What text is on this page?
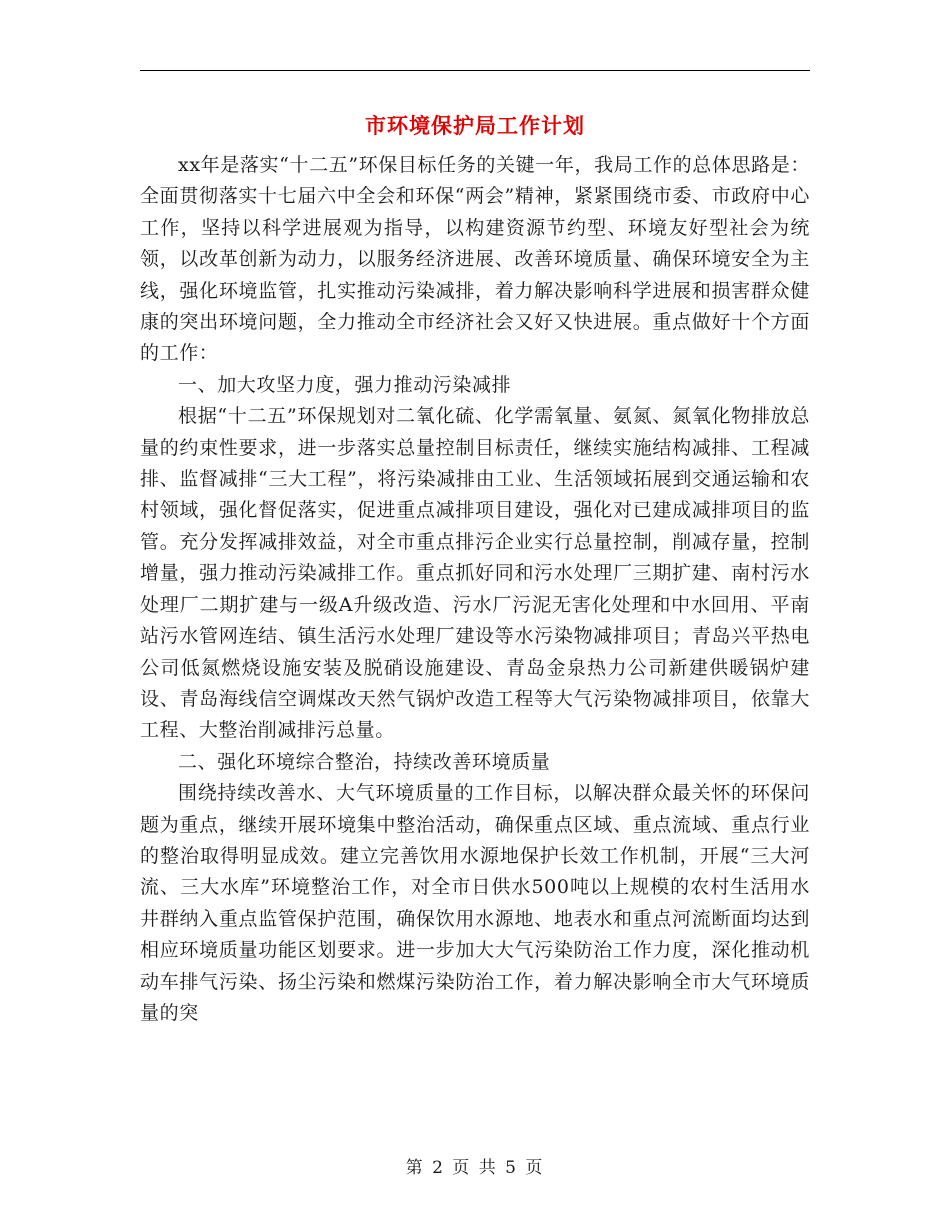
市环境保护局工作计划

xx年是落实“十二五”环保目标任务的关键一年，我局工作的总体思路是：全面贯彻落实十七届六中全会和环保“两会”精神，紧紧围绕市委、市政府中心工作，坚持以科学进展观为指导，以构建资源节约型、环境友好型社会为统领，以改革创新为动力，以服务经济进展、改善环境质量、确保环境安全为主线，强化环境监管，扎实推动污染减排，着力解决影响科学进展和损害群众健康的突出环境问题，全力推动全市经济社会又好又快进展。重点做好十个方面的工作：

一、加大攻坚力度，强力推动污染减排

根据“十二五”环保规划对二氧化硫、化学需氧量、氨氮、氮氧化物排放总量的约束性要求，进一步落实总量控制目标责任，继续实施结构减排、工程减排、监督减排“三大工程”，将污染减排由工业、生活领域拓展到交通运输和农村领域，强化督促落实，促进重点减排项目建设，强化对已建成减排项目的监管。充分发挥减排效益，对全市重点排污企业实行总量控制，削减存量，控制增量，强力推动污染减排工作。重点抓好同和污水处理厂三期扩建、南村污水处理厂二期扩建与一级A升级改造、污水厂污泥无害化处理和中水回用、平南站污水管网连结、镇生活污水处理厂建设等水污染物减排项目；青岛兴平热电公司低氮燃烧设施安装及脱硝设施建设、青岛金泉热力公司新建供暖锅炉建设、青岛海线信空调煤改天然气锅炉改造工程等大气污染物减排项目，依靠大工程、大整治削减排污总量。

二、强化环境综合整治，持续改善环境质量

围绕持续改善水、大气环境质量的工作目标，以解决群众最关怀的环保问题为重点，继续开展环境集中整治活动，确保重点区域、重点流域、重点行业的整治取得明显成效。建立完善饮用水源地保护长效工作机制，开展“三大河流、三大水库”环境整治工作，对全市日供水500吨以上规模的农村生活用水井群纳入重点监管保护范围，确保饮用水源地、地表水和重点河流断面均达到相应环境质量功能区划要求。进一步加大大气污染防治工作力度，深化推动机动车排气污染、扬尘污染和燃煤污染防治工作，着力解决影响全市大气环境质量的突

第 2 页 共 5 页
